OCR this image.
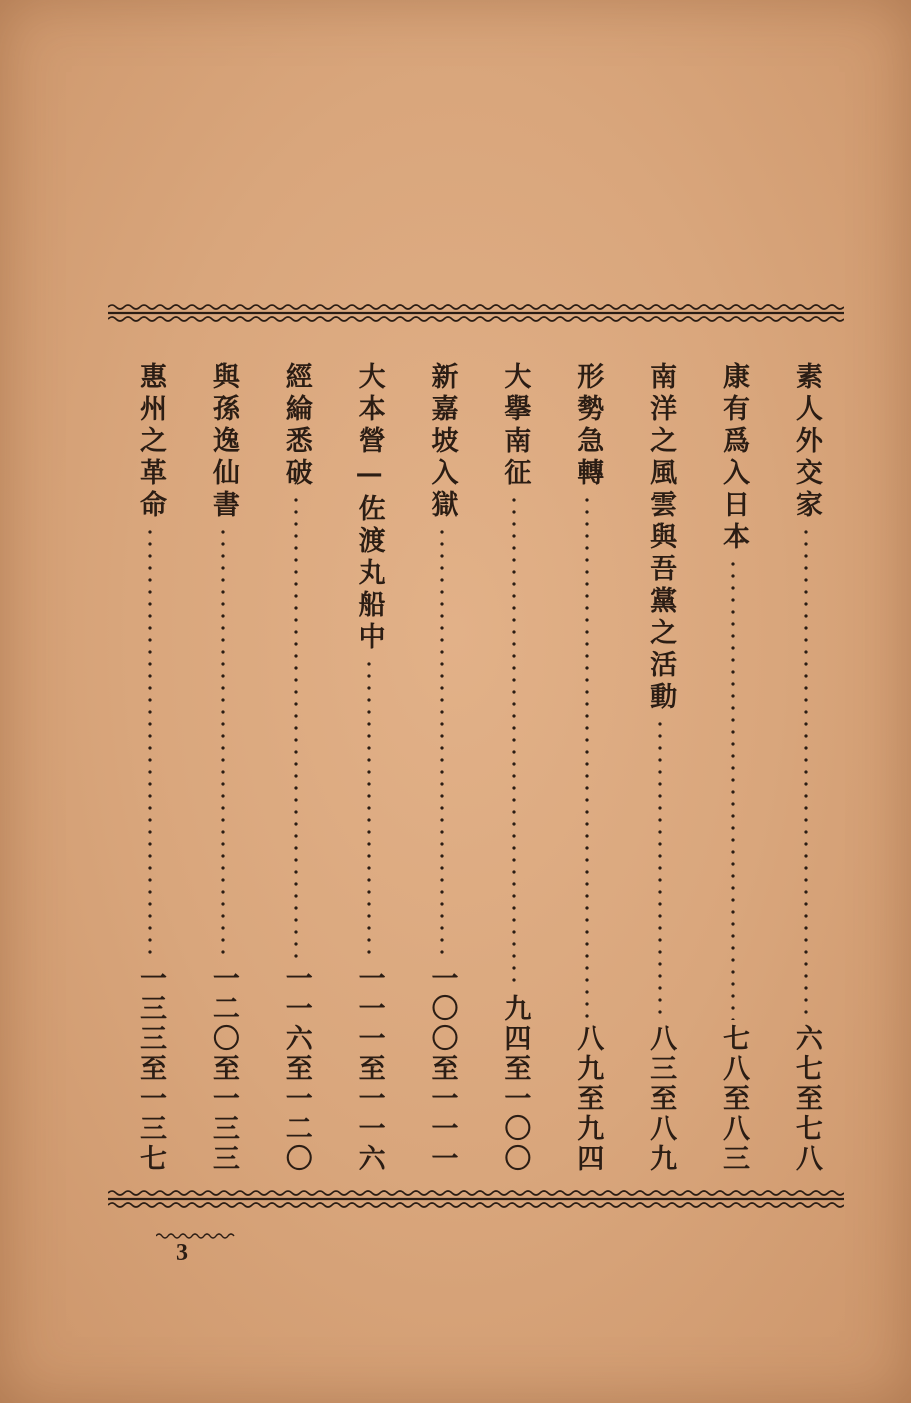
素人外交家
六七至七八
康有爲入日本
七八至八三
南洋之風雲與吾黨之活動
八三至八九
形勢急轉
八九至九四
大擧南征
九四至一〇〇
新嘉坡入獄
一〇〇至一一一
大本營—佐渡丸船中
一一一至一一六
經綸悉破
一一六至一二〇
與孫逸仙書
一二〇至一三三
惠州之革命
一三三至一三七
3
